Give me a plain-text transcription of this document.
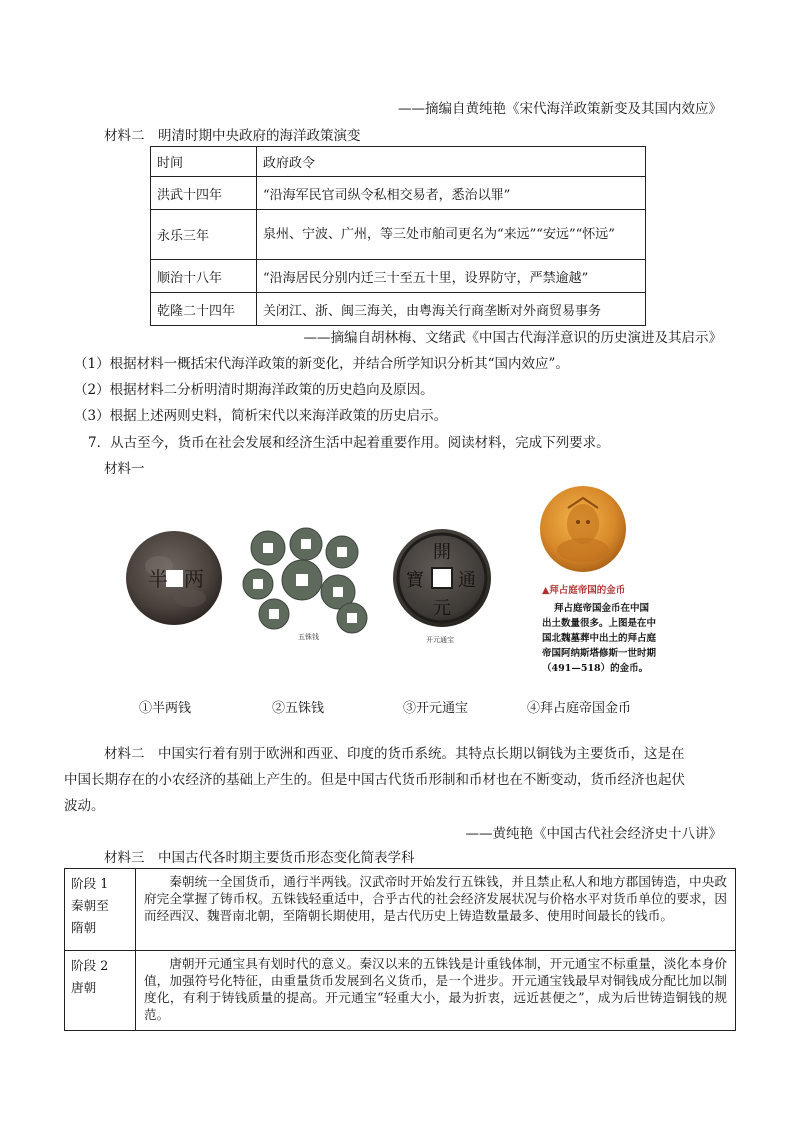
——摘编自黄纯艳《宋代海洋政策新变及其国内效应》
材料二　明清时期中央政府的海洋政策演变
时间	政府政令
洪武十四年	“沿海军民官司纵令私相交易者，悉治以罪”
永乐三年	泉州、宁波、广州，等三处市舶司更名为“来远”“安远”“怀远”
顺治十八年	“沿海居民分别内迁三十至五十里，设界防守，严禁逾越”
乾隆二十四年	关闭江、浙、闽三海关，由粤海关行商垄断对外商贸易事务
——摘编自胡林梅、文绪武《中国古代海洋意识的历史演进及其启示》
（1）根据材料一概括宋代海洋政策的新变化，并结合所学知识分析其“国内效应”。
（2）根据材料二分析明清时期海洋政策的历史趋向及原因。
（3）根据上述两则史料，简析宋代以来海洋政策的历史启示。
7．从古至今，货币在社会发展和经济生活中起着重要作用。阅读材料，完成下列要求。
材料一
半 两
五铢钱
開
元
通
寶
开元通宝
▲拜占庭帝国的金币
拜占庭帝国金币在中国
出土数量很多。上图是在中
国北魏墓葬中出土的拜占庭
帝国阿纳斯塔修斯一世时期
（491—518）的金币。
①半两钱	②五铢钱	③开元通宝	④拜占庭帝国金币
材料二　中国实行着有别于欧洲和西亚、印度的货币系统。其特点长期以铜钱为主要货币，这是在
中国长期存在的小农经济的基础上产生的。但是中国古代货币形制和币材也在不断变动，货币经济也起伏
波动。
——黄纯艳《中国古代社会经济史十八讲》
材料三　中国古代各时期主要货币形态变化简表学科
阶段 1
秦朝至
隋朝	秦朝统一全国货币，通行半两钱。汉武帝时开始发行五铢钱，并且禁止私人和地方郡国铸造，中央政府完全掌握了铸币权。五铢钱轻重适中，合乎古代的社会经济发展状况与价格水平对货币单位的要求，因而经西汉、魏晋南北朝，至隋朝长期使用，是古代历史上铸造数量最多、使用时间最长的钱币。

阶段 2
唐朝	唐朝开元通宝具有划时代的意义。秦汉以来的五铢钱是计重钱体制，开元通宝不标重量，淡化本身价值，加强符号化特征，由重量货币发展到名义货币，是一个进步。开元通宝钱最早对铜钱成分配比加以制度化，有利于铸钱质量的提高。开元通宝“轻重大小，最为折衷，远近甚便之”，成为后世铸造铜钱的规范。
